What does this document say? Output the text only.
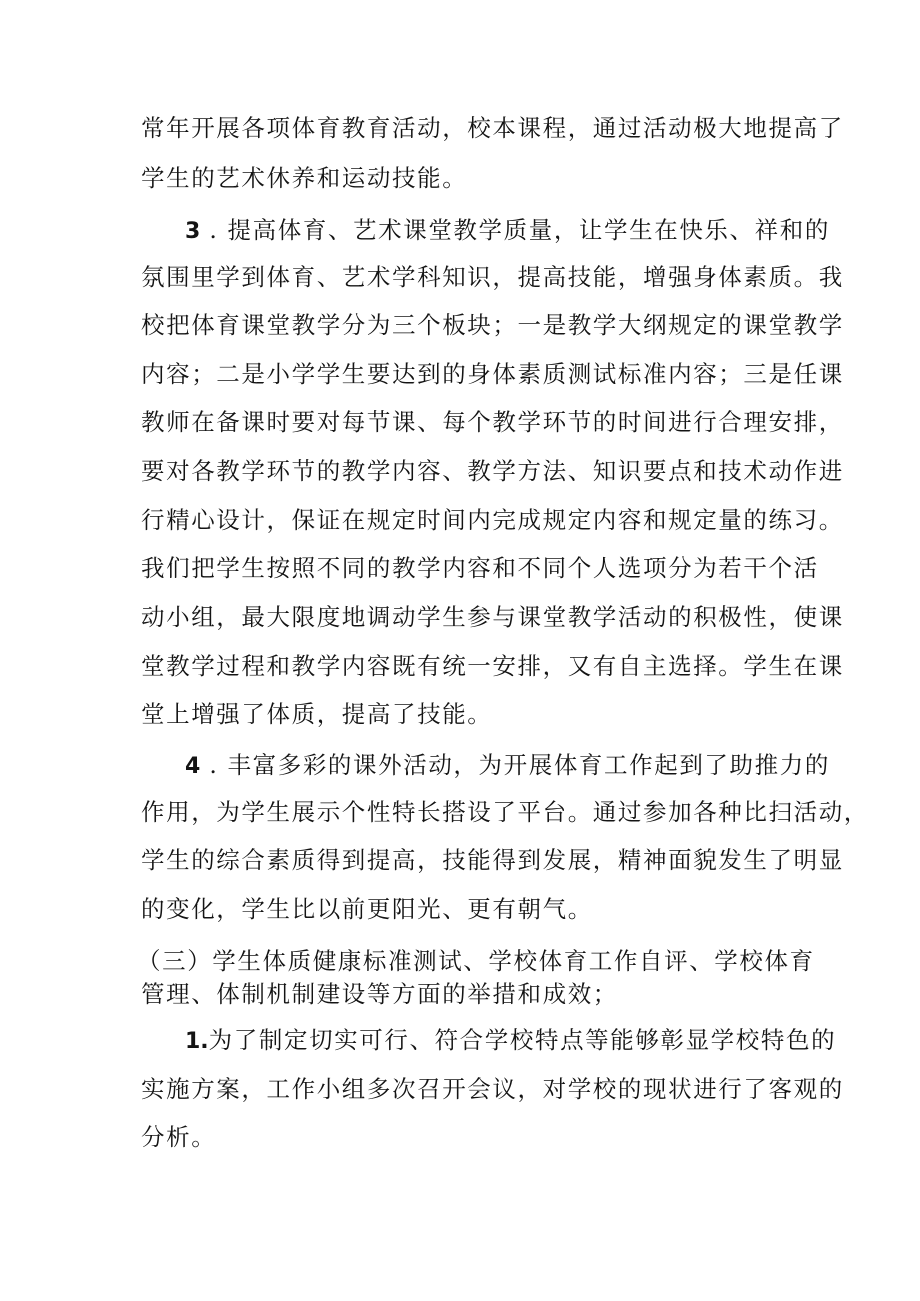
常年开展各项体育教育活动，校本课程，通过活动极大地提高了
学生的艺术休养和运动技能。
3 . 提高体育、艺术课堂教学质量，让学生在快乐、祥和的
氛围里学到体育、艺术学科知识，提高技能，增强身体素质。我
校把体育课堂教学分为三个板块；一是教学大纲规定的课堂教学
内容；二是小学学生要达到的身体素质测试标准内容；三是任课
教师在备课时要对每节课、每个教学环节的时间进行合理安排，
要对各教学环节的教学内容、教学方法、知识要点和技术动作进
行精心设计，保证在规定时间内完成规定内容和规定量的练习。
我们把学生按照不同的教学内容和不同个人选项分为若干个活
动小组，最大限度地调动学生参与课堂教学活动的积极性，使课
堂教学过程和教学内容既有统一安排，又有自主选择。学生在课
堂上增强了体质，提高了技能。
4 . 丰富多彩的课外活动，为开展体育工作起到了助推力的
作用，为学生展示个性特长搭设了平台。通过参加各种比扫活动，
学生的综合素质得到提高，技能得到发展，精神面貌发生了明显
的变化，学生比以前更阳光、更有朝气。
（三）学生体质健康标准测试、学校体育工作自评、学校体育
管理、体制机制建设等方面的举措和成效；
1.为了制定切实可行、符合学校特点等能够彰显学校特色的
实施方案，工作小组多次召开会议，对学校的现状进行了客观的
分析。
